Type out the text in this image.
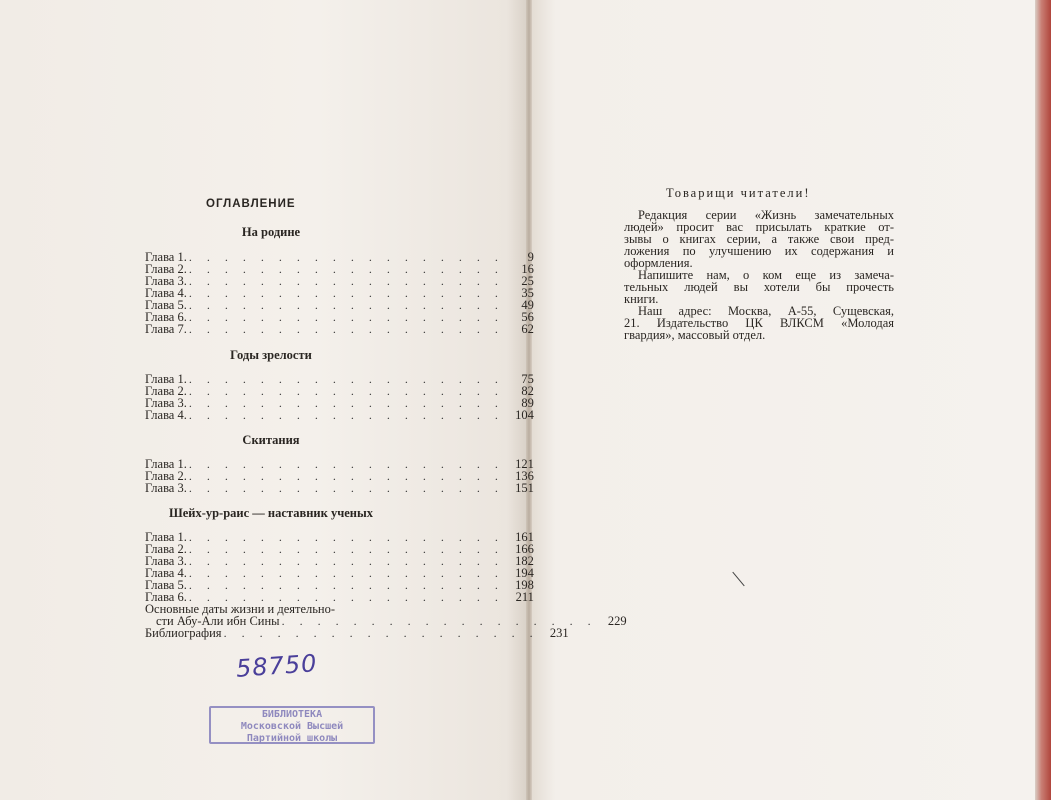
ОГЛАВЛЕНИЕ
На родине
Глава 1. . . . . . . . . . . . . . . . . . .	9
Глава 2. . . . . . . . . . . . . . . . . . .	16
Глава 3. . . . . . . . . . . . . . . . . . .	25
Глава 4. . . . . . . . . . . . . . . . . . .	35
Глава 5. . . . . . . . . . . . . . . . . . .	49
Глава 6. . . . . . . . . . . . . . . . . . .	56
Глава 7. . . . . . . . . . . . . . . . . . .	62
Годы зрелости
Глава 1. . . . . . . . . . . . . . . . . . .	75
Глава 2. . . . . . . . . . . . . . . . . . .	82
Глава 3. . . . . . . . . . . . . . . . . . .	89
Глава 4. . . . . . . . . . . . . . . . . . . 104
Скитания
Глава 1. . . . . . . . . . . . . . . . . . . 121
Глава 2. . . . . . . . . . . . . . . . . . . 136
Глава 3. . . . . . . . . . . . . . . . . . . 151
Шейх-ур-раис — наставник ученых
Глава 1. . . . . . . . . . . . . . . . . . . 161
Глава 2. . . . . . . . . . . . . . . . . . . 166
Глава 3. . . . . . . . . . . . . . . . . . . 182
Глава 4. . . . . . . . . . . . . . . . . . . 194
Глава 5. . . . . . . . . . . . . . . . . . . 198
Глава 6. . . . . . . . . . . . . . . . . . . 211
Основные даты жизни и деятельно-
сти Абу-Али ибн Сины . . . . . . . . . . . . . . . . . . 229
Библиография . . . . . . . . . . . . . . . . . . 231
58750
БИБЛИОТЕКА
Московской Высшей
Партийной школы
Товарищи читатели!
Редакция серии «Жизнь замечательных
людей» просит вас присылать краткие от-
зывы о книгах серии, а также свои пред-
ложения по улучшению их содержания и
оформления.
Напишите нам, о ком еще из замеча-
тельных людей вы хотели бы прочесть
книги.
Наш адрес: Москва, А-55, Сущевская,
21. Издательство ЦК ВЛКСМ «Молодая
гвардия», массовый отдел.
